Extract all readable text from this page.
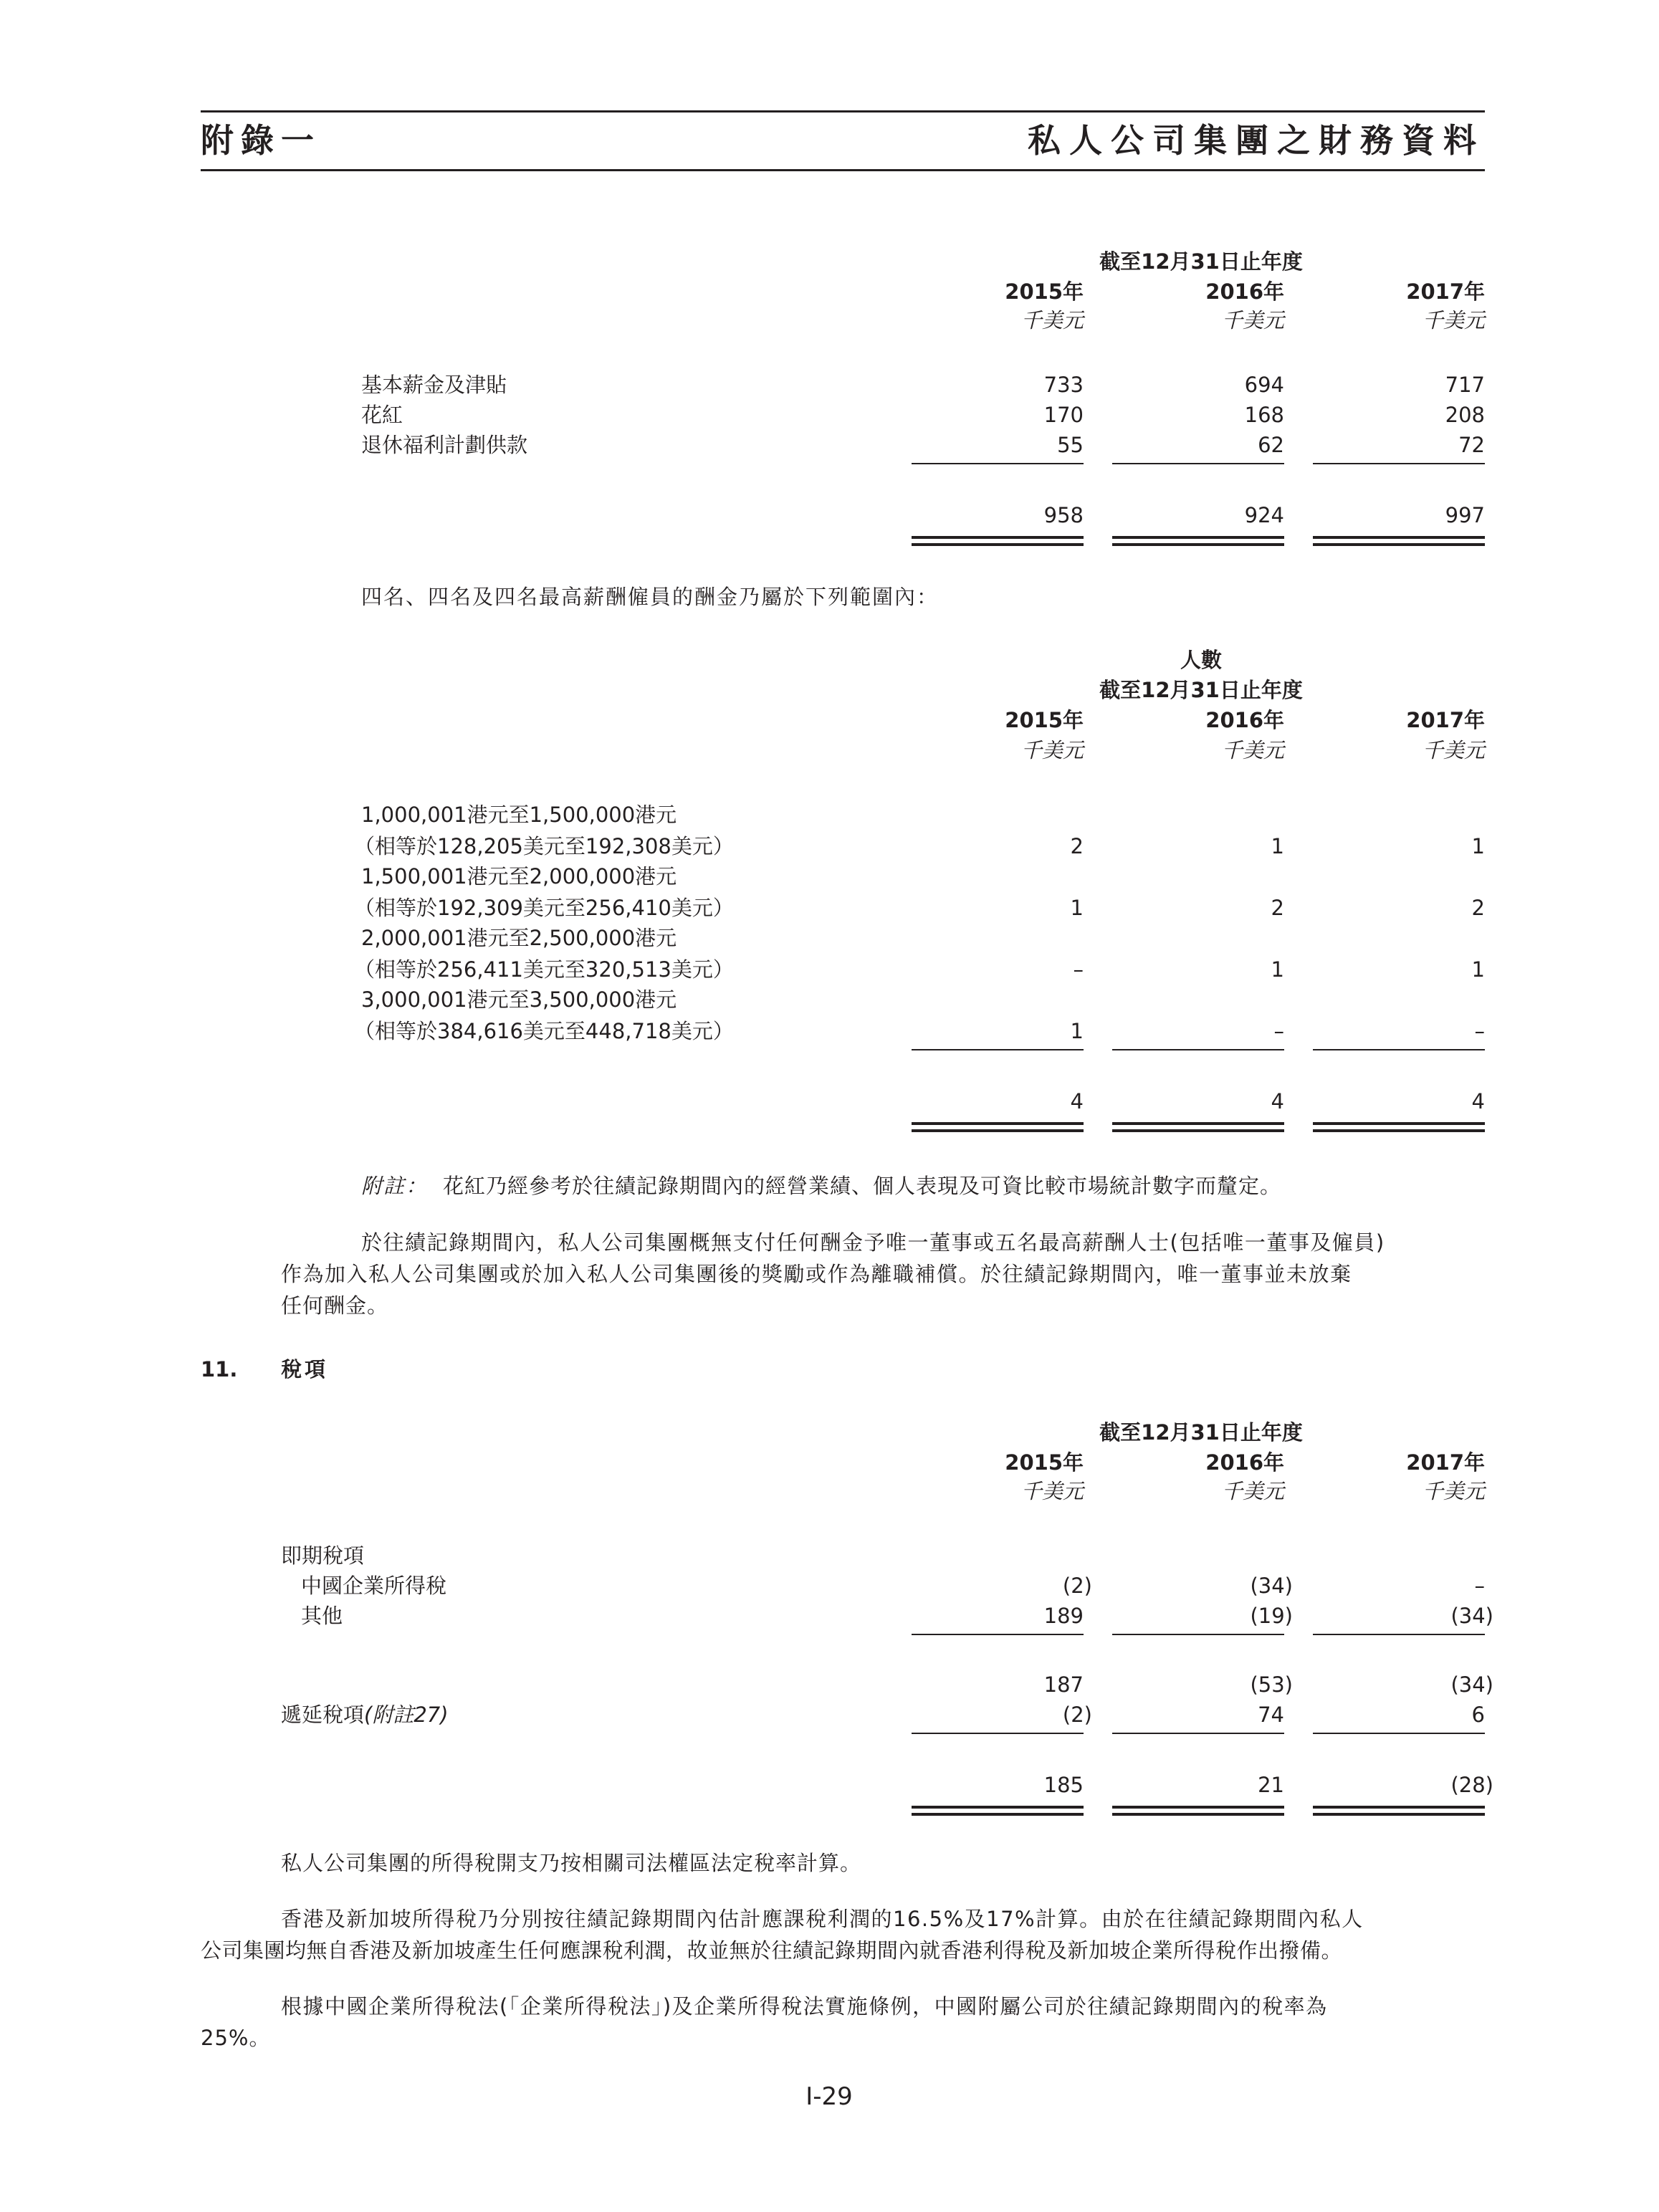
附錄一	私人公司集團之財務資料
截至12月31日止年度
2015年	2016年	2017年
千美元	千美元	千美元
基本薪金及津貼	733	694	717
花紅	170	168	208
退休福利計劃供款	55	62	72
958	924	997
四名、四名及四名最高薪酬僱員的酬金乃屬於下列範圍內：
人數
截至12月31日止年度
2015年	2016年	2017年
千美元	千美元	千美元
1,000,001港元至1,500,000港元
（相等於128,205美元至192,308美元）	2	1	1
1,500,001港元至2,000,000港元
（相等於192,309美元至256,410美元）	1	2	2
2,000,001港元至2,500,000港元
（相等於256,411美元至320,513美元）	–	1	1
3,000,001港元至3,500,000港元
（相等於384,616美元至448,718美元）	1	–	–
4	4	4
附註： 花紅乃經參考於往績記錄期間內的經營業績、個人表現及可資比較市場統計數字而釐定。
於往績記錄期間內，私人公司集團概無支付任何酬金予唯一董事或五名最高薪酬人士(包括唯一董事及僱員)
作為加入私人公司集團或於加入私人公司集團後的獎勵或作為離職補償。於往績記錄期間內，唯一董事並未放棄
任何酬金。
11. 稅項
截至12月31日止年度
2015年	2016年	2017年
千美元	千美元	千美元
即期稅項
中國企業所得稅	(2)	(34)	–
其他	189	(19)	(34)
187	(53)	(34)
遞延稅項(附註27)	(2)	74	6
185	21	(28)
私人公司集團的所得稅開支乃按相關司法權區法定稅率計算。
香港及新加坡所得稅乃分別按往績記錄期間內估計應課稅利潤的16.5%及17%計算。由於在往績記錄期間內私人
公司集團均無自香港及新加坡產生任何應課稅利潤，故並無於往績記錄期間內就香港利得稅及新加坡企業所得稅作出撥備。
根據中國企業所得稅法(「企業所得稅法」)及企業所得稅法實施條例，中國附屬公司於往績記錄期間內的稅率為
25%。
I-29
